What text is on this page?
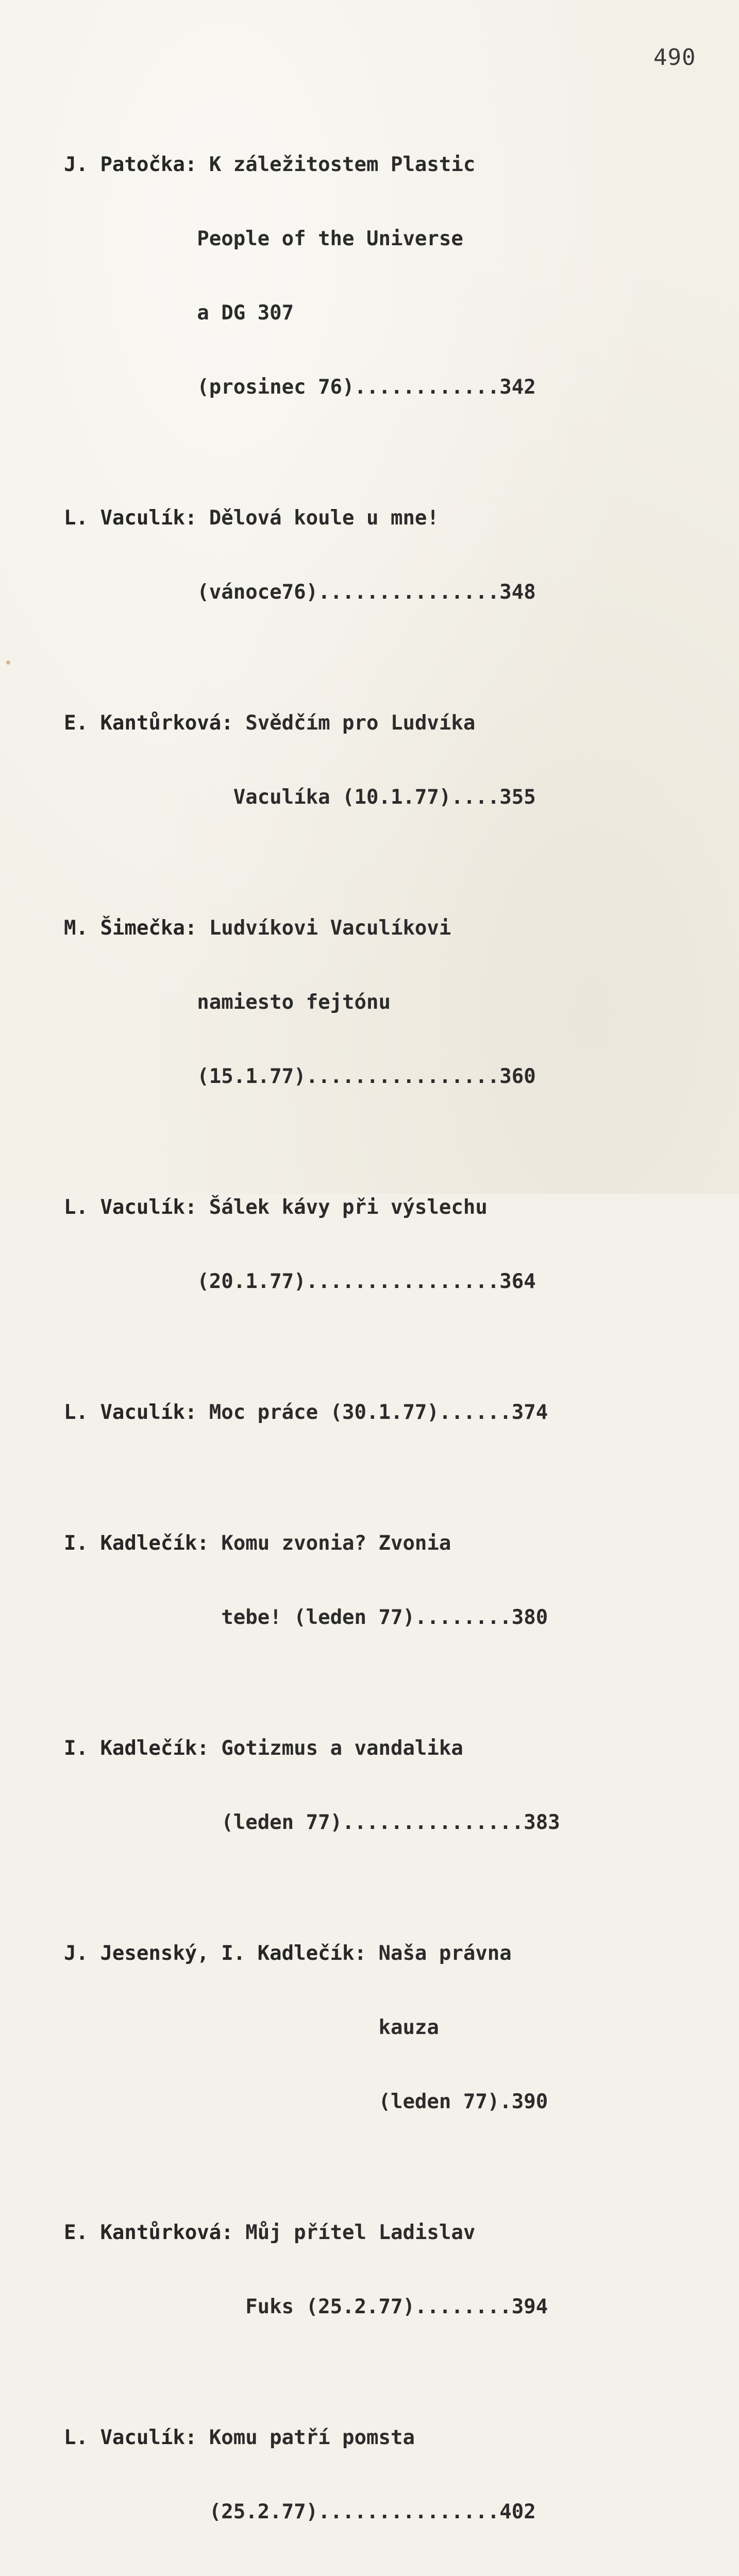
490

J. Patočka: K záležitostem Plastic

People of the Universe

a DG 307

(prosinec 76)............342

L. Vaculík: Dělová koule u mne!

(vánoce76)...............348

E. Kantůrková: Svědčím pro Ludvíka

Vaculíka (10.1.77)....355

M. Šimečka: Ludvíkovi Vaculíkovi

namiesto fejtónu

(15.1.77)................360

L. Vaculík: Šálek kávy při výslechu

(20.1.77)................364

L. Vaculík: Moc práce (30.1.77)......374

I. Kadlečík: Komu zvonia? Zvonia

tebe! (leden 77)........380

I. Kadlečík: Gotizmus a vandalika

(leden 77)...............383

J. Jesenský, I. Kadlečík: Naša právna

kauza

(leden 77).390

E. Kantůrková: Můj přítel Ladislav

Fuks (25.2.77)........394

L. Vaculík: Komu patří pomsta

(25.2.77)...............402
